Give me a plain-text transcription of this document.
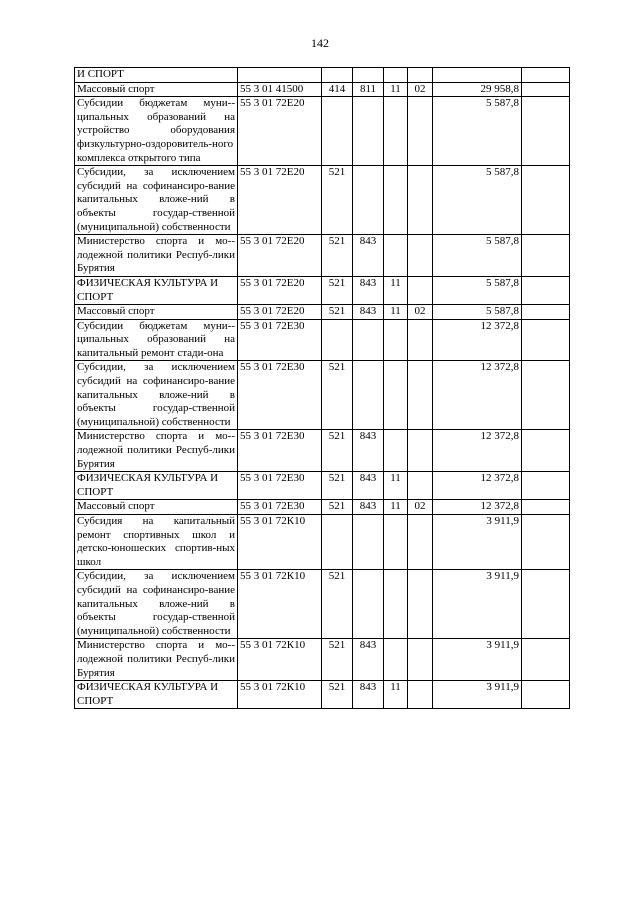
142
И СПОРТ							
Массовый спорт	55 3 01 41500	414	811	11	02	29 958,8	
Субсидии бюджетам муни-ципальных образований на устройство оборудования физкультурно-оздоровитель-ного комплекса открытого типа	55 3 01 72Е20					5 587,8	
Субсидии, за исключением субсидий на софинансиро-вание капитальных вложе-ний в объекты государ-ственной (муниципальной) собственности	55 3 01 72Е20	521				5 587,8	
Министерство спорта и мо-лодежной политики Респуб-лики Бурятия	55 3 01 72Е20	521	843			5 587,8	
ФИЗИЧЕСКАЯ КУЛЬТУРА И СПОРТ	55 3 01 72Е20	521	843	11		5 587,8	
Массовый спорт	55 3 01 72Е20	521	843	11	02	5 587,8	
Субсидии бюджетам муни-ципальных образований на капитальный ремонт стади-она	55 3 01 72Е30					12 372,8	
Субсидии, за исключением субсидий на софинансиро-вание капитальных вложе-ний в объекты государ-ственной (муниципальной) собственности	55 3 01 72Е30	521				12 372,8	
Министерство спорта и мо-лодежной политики Респуб-лики Бурятия	55 3 01 72Е30	521	843			12 372,8	
ФИЗИЧЕСКАЯ КУЛЬТУРА И СПОРТ	55 3 01 72Е30	521	843	11		12 372,8	
Массовый спорт	55 3 01 72Е30	521	843	11	02	12 372,8	
Субсидия на капитальный ремонт спортивных школ и детско-юношеских спортив-ных школ	55 3 01 72К10					3 911,9	
Субсидии, за исключением субсидий на софинансиро-вание капитальных вложе-ний в объекты государ-ственной (муниципальной) собственности	55 3 01 72К10	521				3 911,9	
Министерство спорта и мо-лодежной политики Респуб-лики Бурятия	55 3 01 72К10	521	843			3 911,9	
ФИЗИЧЕСКАЯ КУЛЬТУРА И СПОРТ	55 3 01 72К10	521	843	11		3 911,9	
